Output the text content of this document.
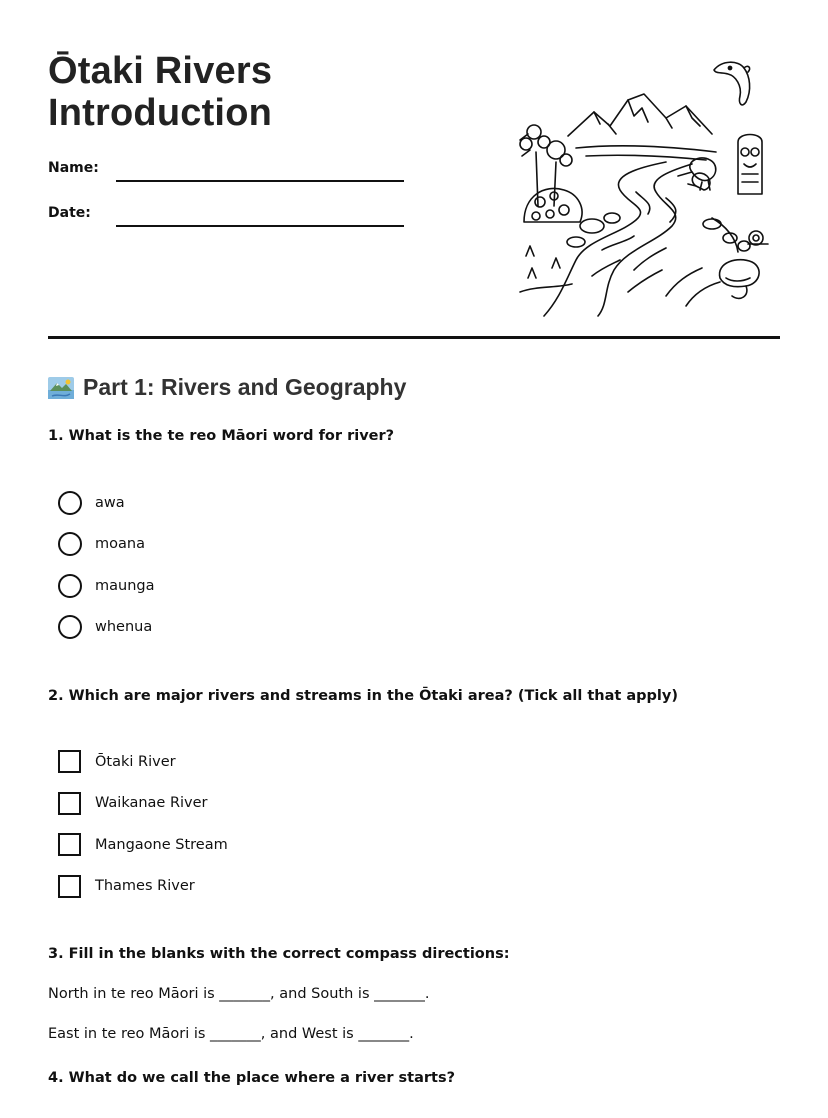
Ōtaki Rivers
Introduction
Name:
Date:
Part 1: Rivers and Geography

1. What is the te reo Māori word for river?

awa
moana
maunga
whenua

2. Which are major rivers and streams in the Ōtaki area? (Tick all that apply)

Ōtaki River
Waikanae River
Mangaone Stream
Thames River

3. Fill in the blanks with the correct compass directions:

North in te reo Māori is _______, and South is _______.
East in te reo Māori is _______, and West is _______.

4. What do we call the place where a river starts?
